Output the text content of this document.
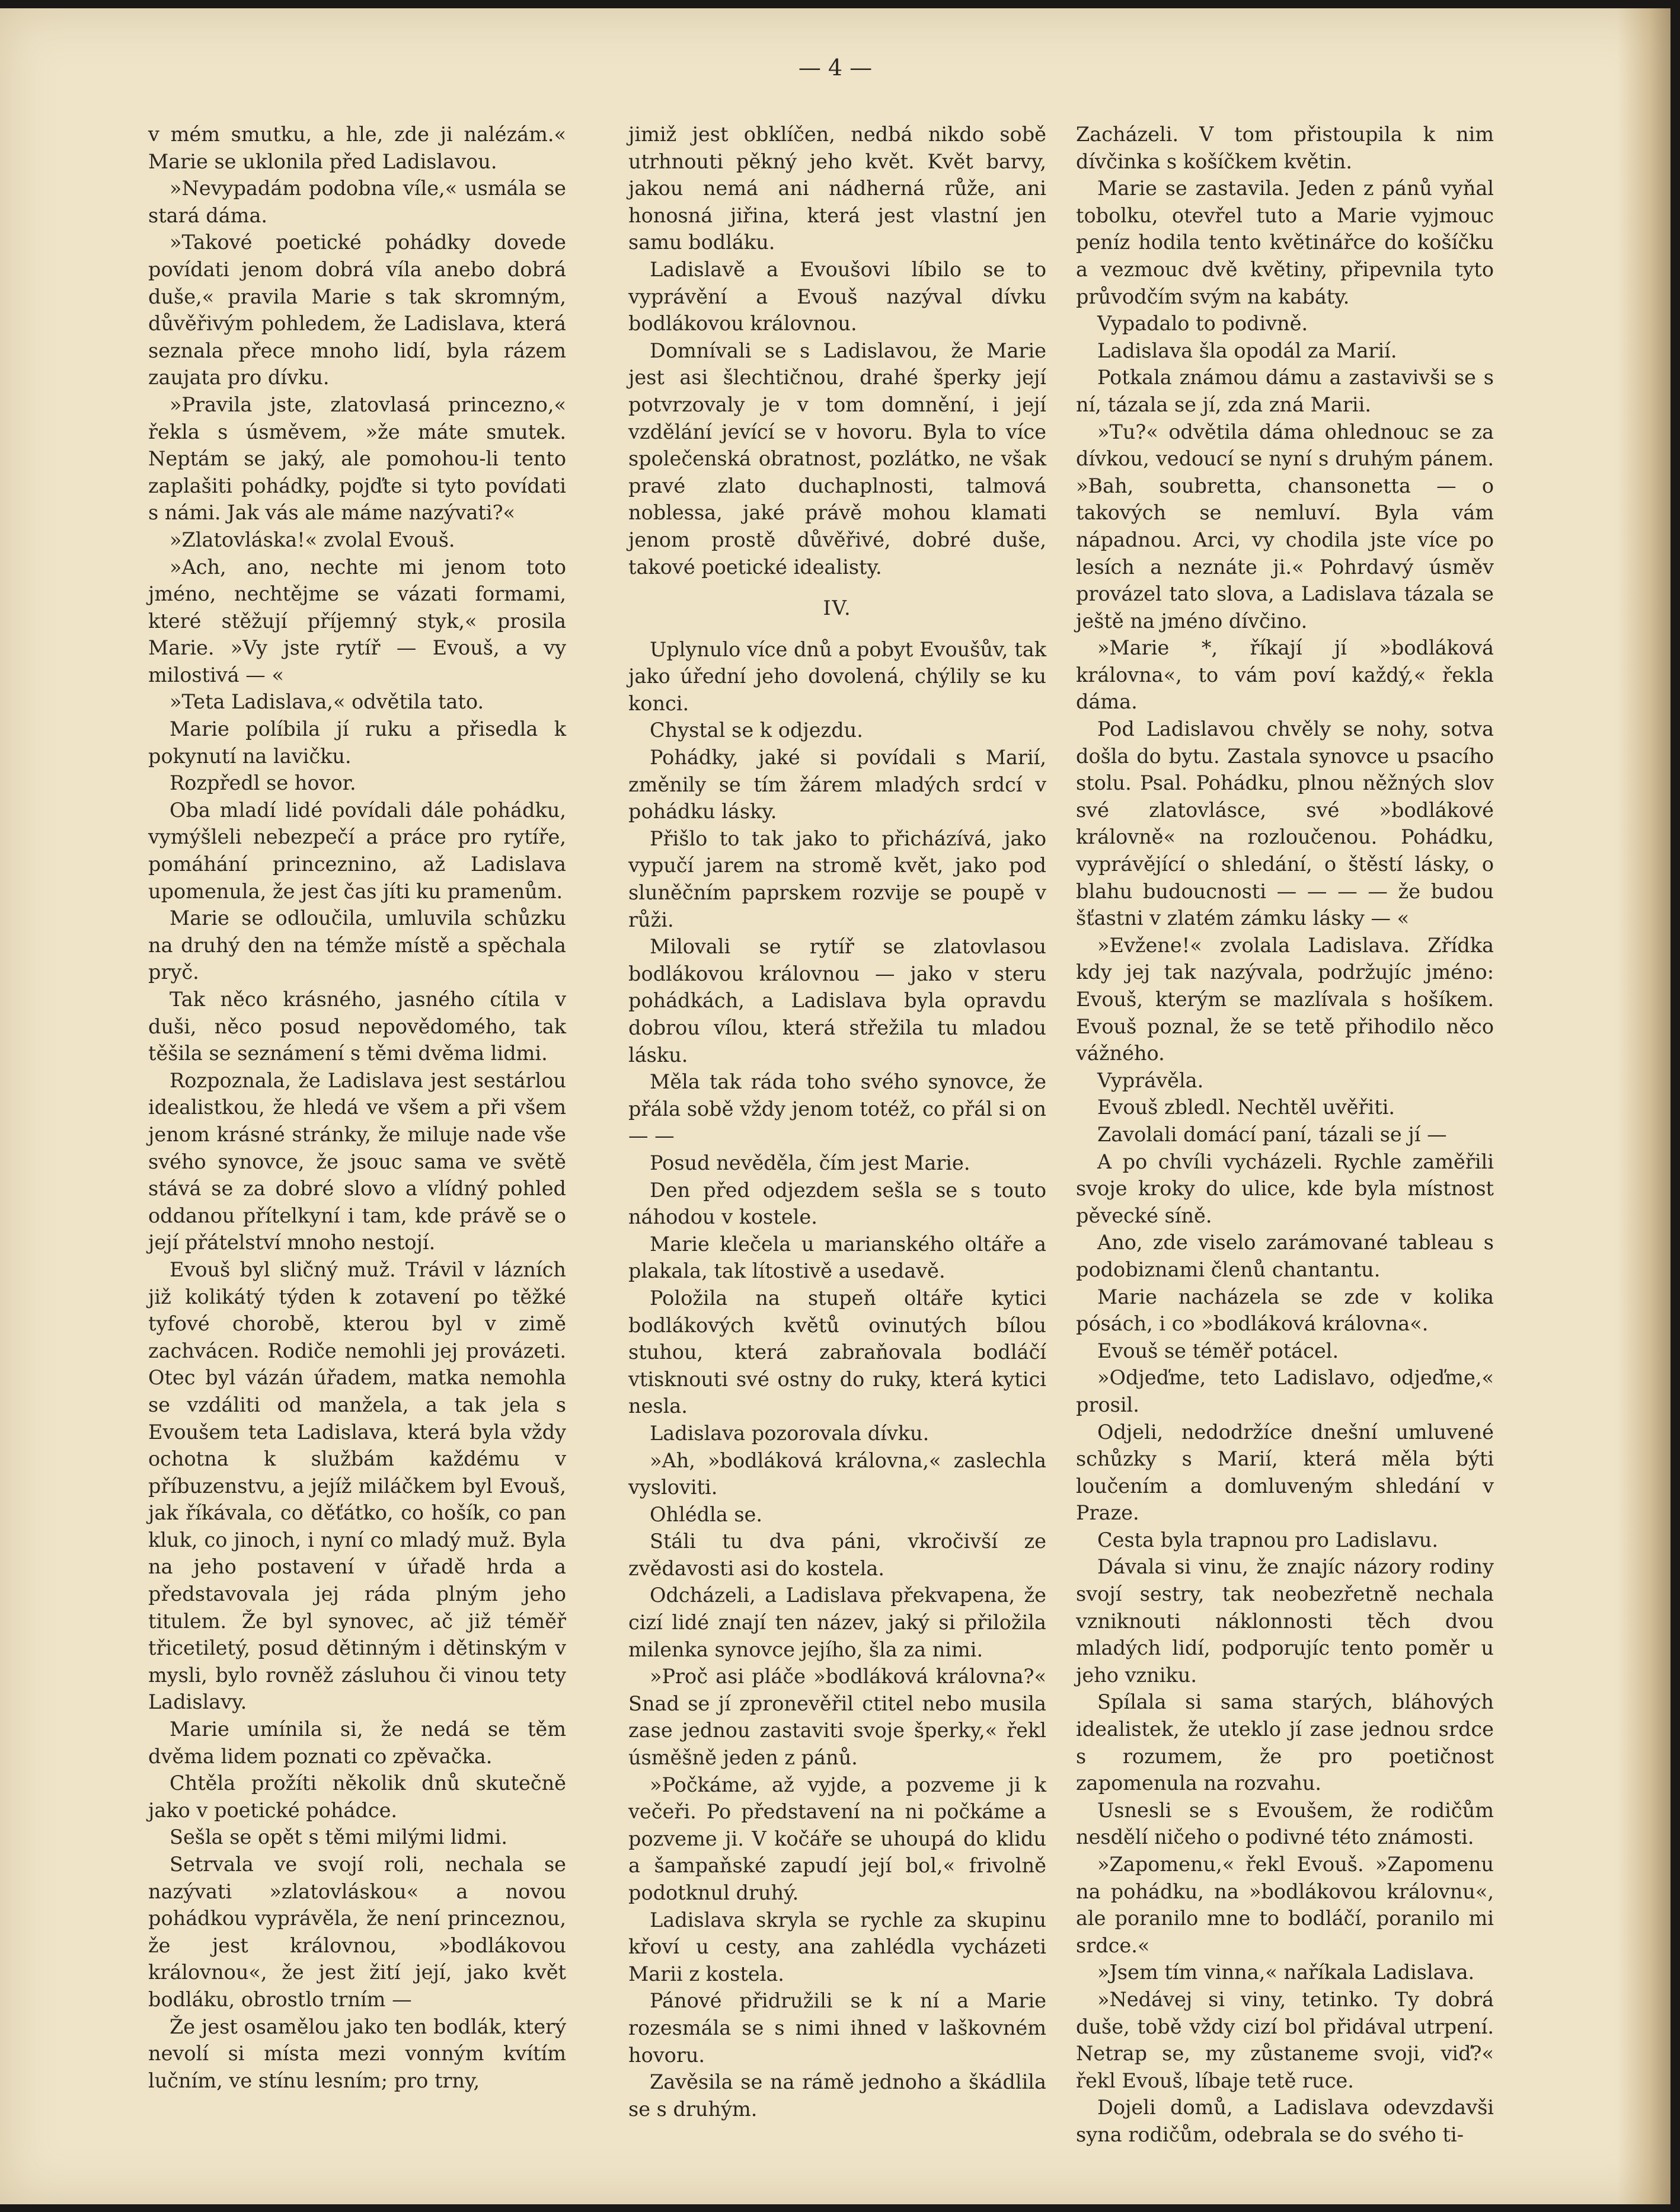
— 4 —

v mém smutku, a hle, zde ji nalézám.« Marie se uklonila před Ladislavou.

»Nevypadám podobna víle,« usmála se stará dáma.

»Takové poetické pohádky dovede povídati jenom dobrá víla anebo dobrá duše,« pravila Marie s tak skromným, důvěřivým pohledem, že Ladislava, která seznala přece mnoho lidí, byla rázem zaujata pro dívku.

»Pravila jste, zlatovlasá princezno,« řekla s úsměvem, »že máte smutek. Neptám se jaký, ale pomohou-li tento zaplašiti pohádky, pojďte si tyto povídati s námi. Jak vás ale máme nazývati?«

»Zlatovláska!« zvolal Evouš.

»Ach, ano, nechte mi jenom toto jméno, nechtějme se vázati formami, které stěžují příjemný styk,« prosila Marie. »Vy jste rytíř — Evouš, a vy milostivá — «

»Teta Ladislava,« odvětila tato.

Marie políbila jí ruku a přisedla k pokynutí na lavičku.

Rozpředl se hovor.

Oba mladí lidé povídali dále pohádku, vymýšleli nebezpečí a práce pro rytíře, pomáhání princeznino, až Ladislava upomenula, že jest čas jíti ku pramenům.

Marie se odloučila, umluvila schůzku na druhý den na témže místě a spěchala pryč.

Tak něco krásného, jasného cítila v duši, něco posud nepovědomého, tak těšila se seznámení s těmi dvěma lidmi.

Rozpoznala, že Ladislava jest sestárlou idealistkou, že hledá ve všem a při všem jenom krásné stránky, že miluje nade vše svého synovce, že jsouc sama ve světě stává se za dobré slovo a vlídný pohled oddanou přítelkyní i tam, kde právě se o její přátelství mnoho nestojí.

Evouš byl sličný muž. Trávil v lázních již kolikátý týden k zotavení po těžké tyfové chorobě, kterou byl v zimě zachvácen. Rodiče nemohli jej provázeti. Otec byl vázán úřadem, matka nemohla se vzdáliti od manžela, a tak jela s Evoušem teta Ladislava, která byla vždy ochotna k službám každému v příbuzenstvu, a jejíž miláčkem byl Evouš, jak říkávala, co děťátko, co hošík, co pan kluk, co jinoch, i nyní co mladý muž. Byla na jeho postavení v úřadě hrda a představovala jej ráda plným jeho titulem. Že byl synovec, ač již téměř třicetiletý, posud dětinným i dětinským v mysli, bylo rovněž zásluhou či vinou tety Ladislavy.

Marie umínila si, že nedá se těm dvěma lidem poznati co zpěvačka.

Chtěla prožíti několik dnů skutečně jako v poetické pohádce.

Sešla se opět s těmi milými lidmi.

Setrvala ve svojí roli, nechala se nazývati »zlatovláskou« a novou pohádkou vyprávěla, že není princeznou, že jest královnou, »bodlákovou královnou«, že jest žití její, jako květ bodláku, obrostlo trním —

Že jest osamělou jako ten bodlák, který nevolí si místa mezi vonným kvítím lučním, ve stínu lesním; pro trny,

jimiž jest obklíčen, nedbá nikdo sobě utrhnouti pěkný jeho květ. Květ barvy, jakou nemá ani nádherná růže, ani honosná jiřina, která jest vlastní jen samu bodláku.

Ladislavě a Evoušovi líbilo se to vyprávění a Evouš nazýval dívku bodlákovou královnou.

Domnívali se s Ladislavou, že Marie jest asi šlechtičnou, drahé šperky její potvrzovaly je v tom domnění, i její vzdělání jevící se v hovoru. Byla to více společenská obratnost, pozlátko, ne však pravé zlato duchaplnosti, talmová noblessa, jaké právě mohou klamati jenom prostě důvěřivé, dobré duše, takové poetické idealisty.

IV.

Uplynulo více dnů a pobyt Evoušův, tak jako úřední jeho dovolená, chýlily se ku konci.

Chystal se k odjezdu.

Pohádky, jaké si povídali s Marií, změnily se tím žárem mladých srdcí v pohádku lásky.

Přišlo to tak jako to přicházívá, jako vypučí jarem na stromě květ, jako pod sluněčním paprskem rozvije se poupě v růži.

Milovali se rytíř se zlatovlasou bodlákovou královnou — jako v steru pohádkách, a Ladislava byla opravdu dobrou vílou, která střežila tu mladou lásku.

Měla tak ráda toho svého synovce, že přála sobě vždy jenom totéž, co přál si on — —

Posud nevěděla, čím jest Marie.

Den před odjezdem sešla se s touto náhodou v kostele.

Marie klečela u marianského oltáře a plakala, tak lítostivě a usedavě.

Položila na stupeň oltáře kytici bodlákových květů ovinutých bílou stuhou, která zabraňovala bodláčí vtisknouti své ostny do ruky, která kytici nesla.

Ladislava pozorovala dívku.

»Ah, »bodláková královna,« zaslechla vysloviti.

Ohlédla se.

Stáli tu dva páni, vkročivší ze zvědavosti asi do kostela.

Odcházeli, a Ladislava překvapena, že cizí lidé znají ten název, jaký si přiložila milenka synovce jejího, šla za nimi.

»Proč asi pláče »bodláková královna?« Snad se jí zpronevěřil ctitel nebo musila zase jednou zastaviti svoje šperky,« řekl úsměšně jeden z pánů.

»Počkáme, až vyjde, a pozveme ji k večeři. Po představení na ni počkáme a pozveme ji. V kočáře se uhoupá do klidu a šampaňské zapudí její bol,« frivolně podotknul druhý.

Ladislava skryla se rychle za skupinu křoví u cesty, ana zahlédla vycházeti Marii z kostela.

Pánové přidružili se k ní a Marie rozesmála se s nimi ihned v laškovném hovoru.

Zavěsila se na rámě jednoho a škádlila se s druhým.

Zacházeli. V tom přistoupila k nim dívčinka s košíčkem květin.

Marie se zastavila. Jeden z pánů vyňal tobolku, otevřel tuto a Marie vyjmouc peníz hodila tento květinářce do košíčku a vezmouc dvě květiny, připevnila tyto průvodčím svým na kabáty.

Vypadalo to podivně.

Ladislava šla opodál za Marií.

Potkala známou dámu a zastavivši se s ní, tázala se jí, zda zná Marii.

»Tu?« odvětila dáma ohlednouc se za dívkou, vedoucí se nyní s druhým pánem. »Bah, soubretta, chansonetta — o takových se nemluví. Byla vám nápadnou. Arci, vy chodila jste více po lesích a neznáte ji.« Pohrdavý úsměv provázel tato slova, a Ladislava tázala se ještě na jméno dívčino.

»Marie *, říkají jí »bodláková královna«, to vám poví každý,« řekla dáma.

Pod Ladislavou chvěly se nohy, sotva došla do bytu. Zastala synovce u psacího stolu. Psal. Pohádku, plnou něžných slov své zlatovlásce, své »bodlákové královně« na rozloučenou. Pohádku, vyprávějící o shledání, o štěstí lásky, o blahu budoucnosti — — — — že budou šťastni v zlatém zámku lásky — «

»Evžene!« zvolala Ladislava. Zřídka kdy jej tak nazývala, podržujíc jméno: Evouš, kterým se mazlívala s hošíkem. Evouš poznal, že se tetě přihodilo něco vážného.

Vyprávěla.

Evouš zbledl. Nechtěl uvěřiti.

Zavolali domácí paní, tázali se jí —

A po chvíli vycházeli. Rychle zaměřili svoje kroky do ulice, kde byla místnost pěvecké síně.

Ano, zde viselo zarámované tableau s podobiznami členů chantantu.

Marie nacházela se zde v kolika pósách, i co »bodláková královna«.

Evouš se téměř potácel.

»Odjeďme, teto Ladislavo, odjeďme,« prosil.

Odjeli, nedodržíce dnešní umluvené schůzky s Marií, která měla býti loučením a domluveným shledání v Praze.

Cesta byla trapnou pro Ladislavu.

Dávala si vinu, že znajíc názory rodiny svojí sestry, tak neobezřetně nechala vzniknouti náklonnosti těch dvou mladých lidí, podporujíc tento poměr u jeho vzniku.

Spílala si sama starých, bláhových idealistek, že uteklo jí zase jednou srdce s rozumem, že pro poetičnost zapomenula na rozvahu.

Usnesli se s Evoušem, že rodičům nesdělí ničeho o podivné této známosti.

»Zapomenu,« řekl Evouš. »Zapomenu na pohádku, na »bodlákovou královnu«, ale poranilo mne to bodláčí, poranilo mi srdce.«

»Jsem tím vinna,« naříkala Ladislava.

»Nedávej si viny, tetinko. Ty dobrá duše, tobě vždy cizí bol přidával utrpení. Netrap se, my zůstaneme svoji, viď?« řekl Evouš, líbaje tetě ruce.

Dojeli domů, a Ladislava odevzdavši syna rodičům, odebrala se do svého ti-
